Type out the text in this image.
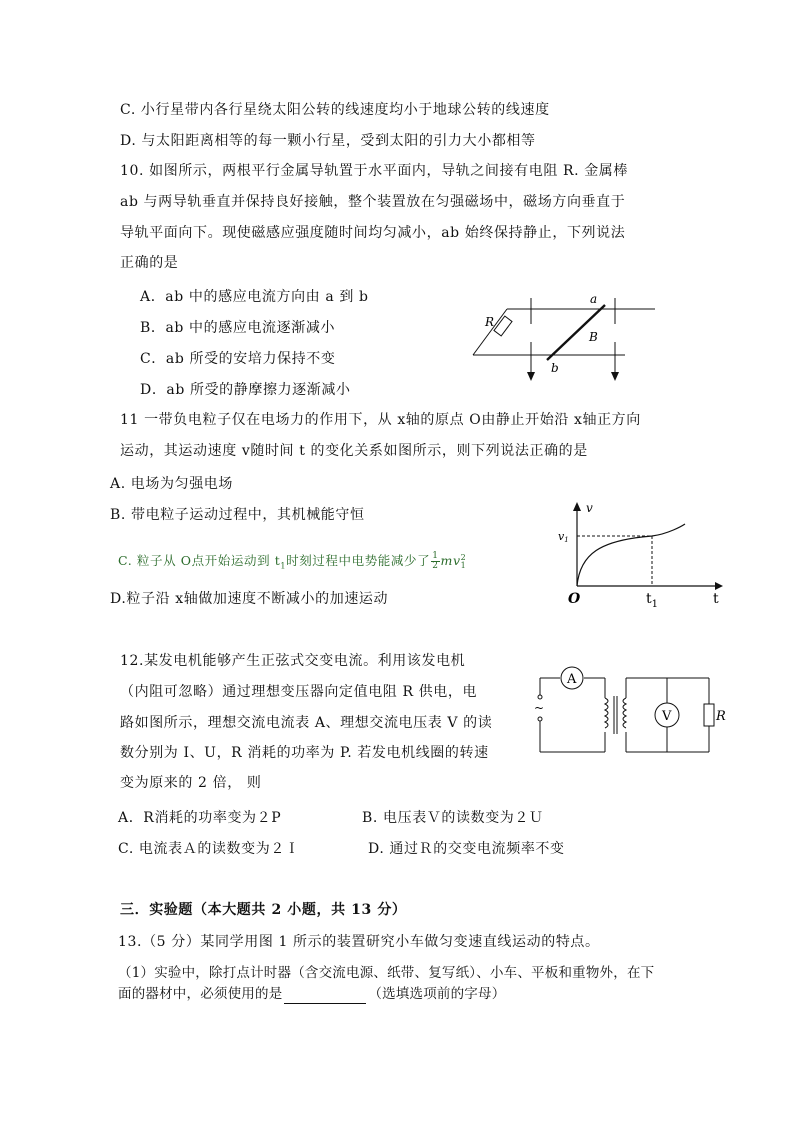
C. 小行星带内各行星绕太阳公转的线速度均小于地球公转的线速度
D. 与太阳距离相等的每一颗小行星，受到太阳的引力大小都相等
10. 如图所示，两根平行金属导轨置于水平面内，导轨之间接有电阻 R. 金属棒
ab 与两导轨垂直并保持良好接触，整个装置放在匀强磁场中，磁场方向垂直于
导轨平面向下。现使磁感应强度随时间均匀减小，ab 始终保持静止，下列说法
正确的是
A．ab 中的感应电流方向由 a 到 b
B．ab 中的感应电流逐渐减小
C．ab 所受的安培力保持不变
D．ab 所受的静摩擦力逐渐减小
R
a
b
B
11 一带负电粒子仅在电场力的作用下，从 x轴的原点 O由静止开始沿 x轴正方向
运动，其运动速度 v随时间 t 的变化关系如图所示，则下列说法正确的是
A. 电场为匀强电场
B. 带电粒子运动过程中，其机械能守恒
C. 粒子从 O点开始运动到 $t_1$时刻过程中电势能减少了 $\frac{1}{2}$ mv 2
1
D.粒子沿 x轴做加速度不断减小的加速运动
v
t
O
v1
$t_1$
12.某发电机能够产生正弦式交变电流。利用该发电机
（内阻可忽略）通过理想变压器向定值电阻 R 供电，电
路如图所示，理想交流电流表 A、理想交流电压表 V 的读
数分别为 I、U，R 消耗的功率为 P. 若发电机线圈的转速
变为原来的 2 倍， 则
A．R消耗的功率变为２P	B. 电压表Ｖ的读数变为２Ｕ
C. 电流表Ａ的读数变为２Ｉ	D. 通过Ｒ的交变电流频率不变
A
~
V	R
三．实验题（本大题共 2 小题，共 13 分）
13.（5 分）某同学用图 1 所示的装置研究小车做匀变速直线运动的特点。
（1）实验中，除打点计时器（含交流电源、纸带、复写纸）、小车、平板和重物外，在下
面的器材中，必须使用的是	（选填选项前的字母）
